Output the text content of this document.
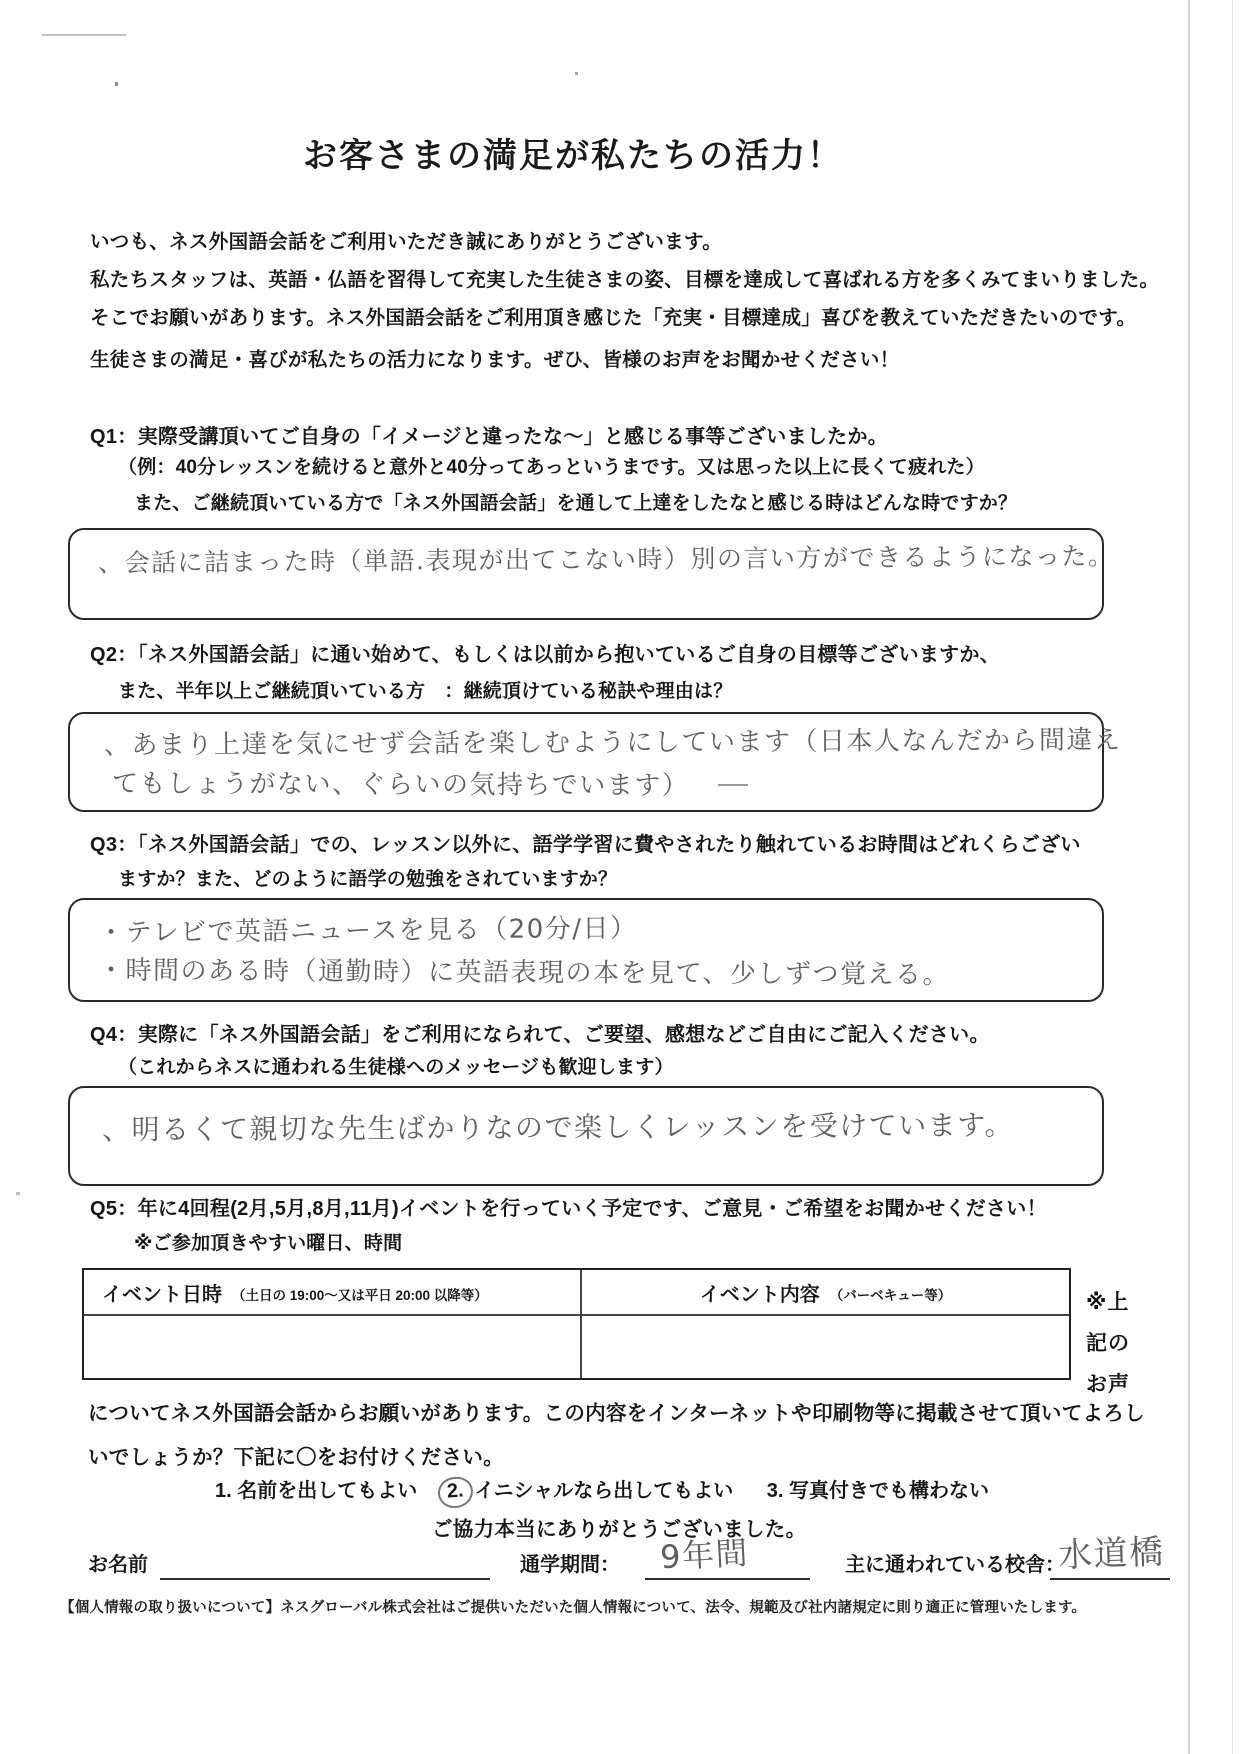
お客さまの満足が私たちの活力！
いつも、ネス外国語会話をご利用いただき誠にありがとうございます。
私たちスタッフは、英語・仏語を習得して充実した生徒さまの姿、目標を達成して喜ばれる方を多くみてまいりました。
そこでお願いがあります。ネス外国語会話をご利用頂き感じた「充実・目標達成」喜びを教えていただきたいのです。
生徒さまの満足・喜びが私たちの活力になります。ぜひ、皆様のお声をお聞かせください！
Q1：実際受講頂いてご自身の「イメージと違ったな～」と感じる事等ございましたか。
（例：40分レッスンを続けると意外と40分ってあっというまです。又は思った以上に長くて疲れた）
また、ご継続頂いている方で「ネス外国語会話」を通して上達をしたなと感じる時はどんな時ですか？
、会話に詰まった時（単語.表現が出てこない時）別の言い方ができるようになった。
Q2：「ネス外国語会話」に通い始めて、もしくは以前から抱いているご自身の目標等ございますか、
また、半年以上ご継続頂いている方　：継続頂けている秘訣や理由は？
、あまり上達を気にせず会話を楽しむようにしています（日本人なんだから間違え
てもしょうがない、ぐらいの気持ちでいます）
Q3：「ネス外国語会話」での、レッスン以外に、語学学習に費やされたり触れているお時間はどれくらござい
ますか？また、どのように語学の勉強をされていますか？
・テレビで英語ニュースを見る（20分/日）
・時間のある時（通勤時）に英語表現の本を見て、少しずつ覚える。
Q4：実際に「ネス外国語会話」をご利用になられて、ご要望、感想などご自由にご記入ください。
（これからネスに通われる生徒様へのメッセージも歓迎します）
、明るくて親切な先生ばかりなので楽しくレッスンを受けています。
Q5：年に4回程(2月,5月,8月,11月)イベントを行っていく予定です、ご意見・ご希望をお聞かせください！
※ご参加頂きやすい曜日、時間
イベント日時 （土日の 19:00～又は平日 20:00 以降等）	イベント内容 （バーベキュー等）	※上記のお声
についてネス外国語会話からお願いがあります。この内容をインターネットや印刷物等に掲載させて頂いてよろし
いでしょうか？下記に〇をお付けください。
1. 名前を出してもよい 2. イニシャルなら出してもよい 3. 写真付きでも構わない
ご協力本当にありがとうございました。
お名前	通学期間： 9年間	主に通われている校舎：
水道橋
【個人情報の取り扱いについて】ネスグローバル株式会社はご提供いただいた個人情報について、法令、規範及び社内諸規定に則り適正に管理いたします。
